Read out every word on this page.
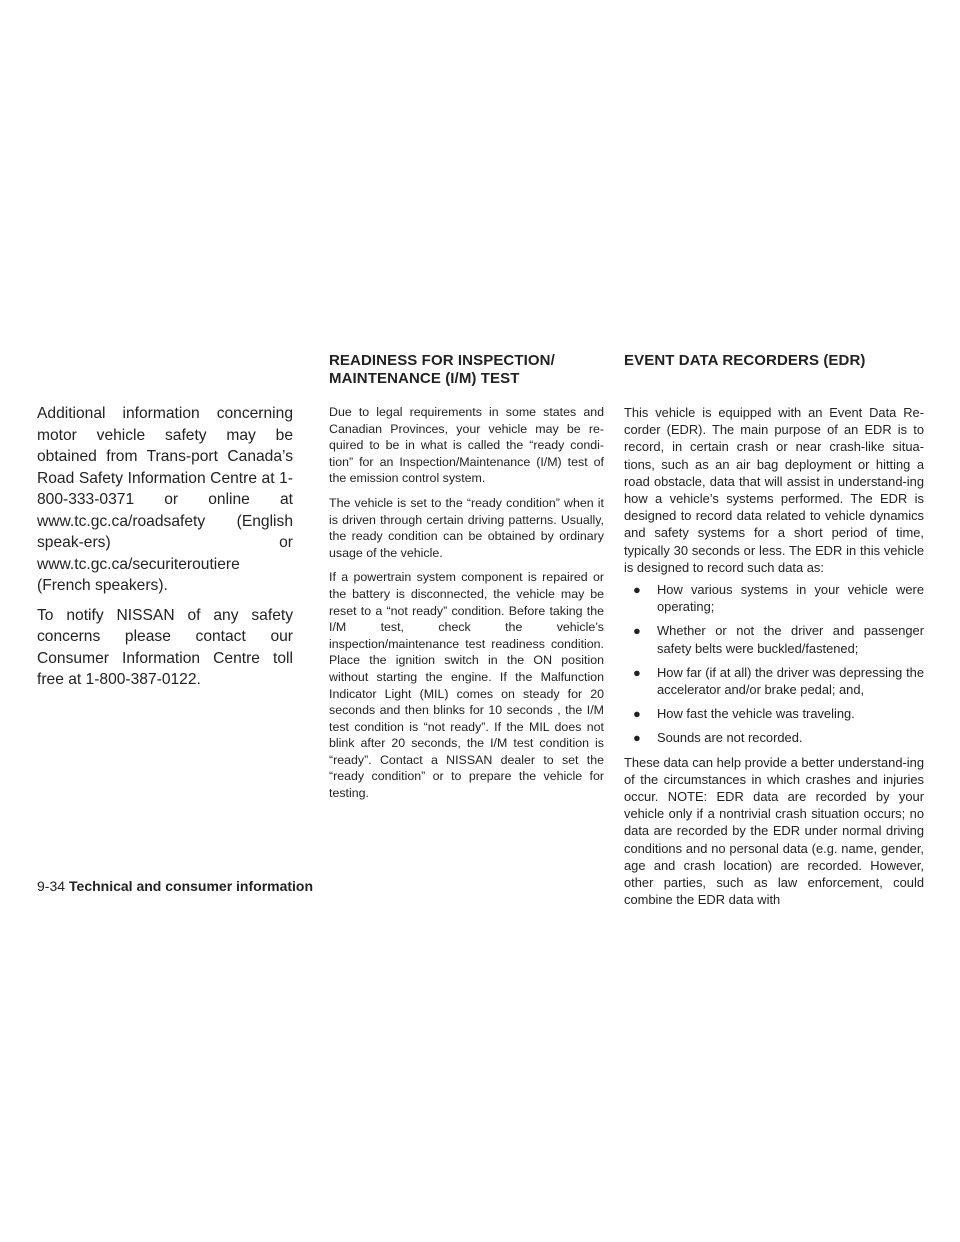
Additional information concerning motor vehicle safety may be obtained from Trans-port Canada’s Road Safety Information Centre at 1-800-333-0371 or online at www.tc.gc.ca/roadsafety (English speak-ers) or www.tc.gc.ca/securiteroutiere (French speakers).

To notify NISSAN of any safety concerns please contact our Consumer Information Centre toll free at 1-800-387-0122.

READINESS FOR INSPECTION/ MAINTENANCE (I/M) TEST

Due to legal requirements in some states and Canadian Provinces, your vehicle may be re-quired to be in what is called the “ready condi-tion” for an Inspection/Maintenance (I/M) test of the emission control system.

The vehicle is set to the “ready condition” when it is driven through certain driving patterns. Usually, the ready condition can be obtained by ordinary usage of the vehicle.

If a powertrain system component is repaired or the battery is disconnected, the vehicle may be reset to a “not ready” condition. Before taking the I/M test, check the vehicle’s inspection/maintenance test readiness condition. Place the ignition switch in the ON position without starting the engine. If the Malfunction Indicator Light (MIL) comes on steady for 20 seconds and then blinks for 10 seconds , the I/M test condition is “not ready”. If the MIL does not blink after 20 seconds, the I/M test condition is “ready”. Contact a NISSAN dealer to set the “ready condition” or to prepare the vehicle for testing.

EVENT DATA RECORDERS (EDR)

This vehicle is equipped with an Event Data Re-corder (EDR). The main purpose of an EDR is to record, in certain crash or near crash-like situa-tions, such as an air bag deployment or hitting a road obstacle, data that will assist in understand-ing how a vehicle’s systems performed. The EDR is designed to record data related to vehicle dynamics and safety systems for a short period of time, typically 30 seconds or less. The EDR in this vehicle is designed to record such data as:

● How various systems in your vehicle were operating;
● Whether or not the driver and passenger safety belts were buckled/fastened;
● How far (if at all) the driver was depressing the accelerator and/or brake pedal; and,
● How fast the vehicle was traveling.
● Sounds are not recorded.

These data can help provide a better understand-ing of the circumstances in which crashes and injuries occur. NOTE: EDR data are recorded by your vehicle only if a nontrivial crash situation occurs; no data are recorded by the EDR under normal driving conditions and no personal data (e.g. name, gender, age and crash location) are recorded. However, other parties, such as law enforcement, could combine the EDR data with

9-34 Technical and consumer information
